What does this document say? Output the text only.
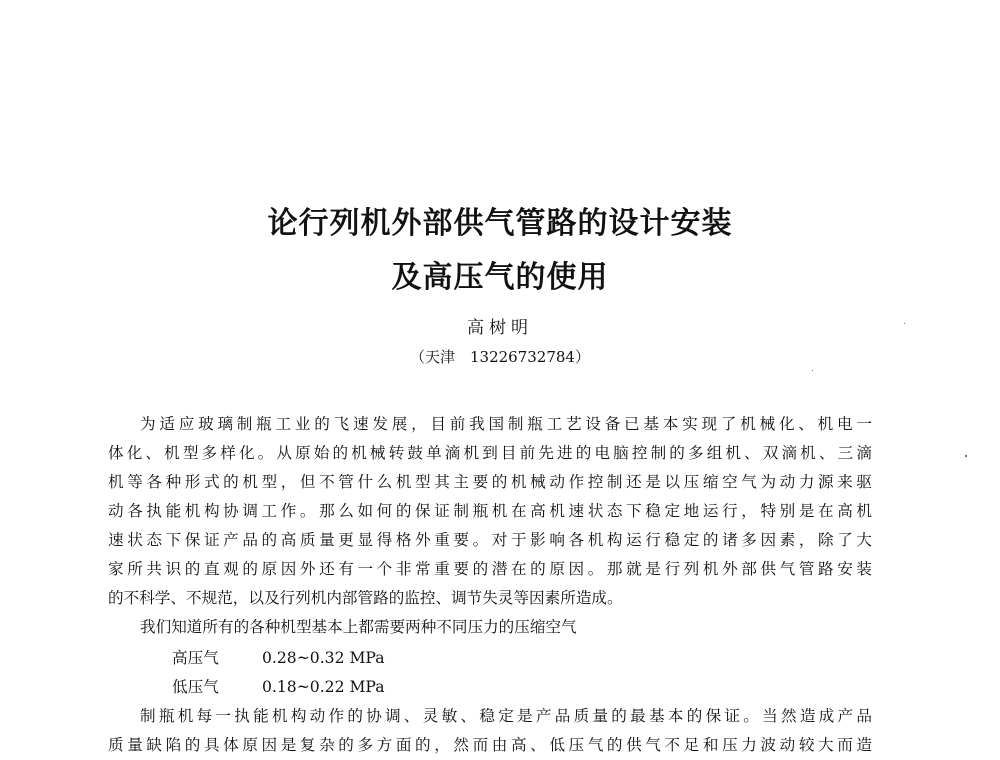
论行列机外部供气管路的设计安装
及高压气的使用
高树明
（天津　13226732784）
为适应玻璃制瓶工业的飞速发展，目前我国制瓶工艺设备已基本实现了机械化、机电一
体化、机型多样化。从原始的机械转鼓单滴机到目前先进的电脑控制的多组机、双滴机、三滴
机等各种形式的机型，但不管什么机型其主要的机械动作控制还是以压缩空气为动力源来驱
动各执能机构协调工作。那么如何的保证制瓶机在高机速状态下稳定地运行，特别是在高机
速状态下保证产品的高质量更显得格外重要。对于影响各机构运行稳定的诸多因素，除了大
家所共识的直观的原因外还有一个非常重要的潜在的原因。那就是行列机外部供气管路安装
的不科学、不规范，以及行列机内部管路的监控、调节失灵等因素所造成。
我们知道所有的各种机型基本上都需要两种不同压力的压缩空气
高压气	0.28~0.32 MPa
低压气	0.18~0.22 MPa
制瓶机每一执能机构动作的协调、灵敏、稳定是产品质量的最基本的保证。当然造成产品
质量缺陷的具体原因是复杂的多方面的，然而由高、低压气的供气不足和压力波动较大而造
